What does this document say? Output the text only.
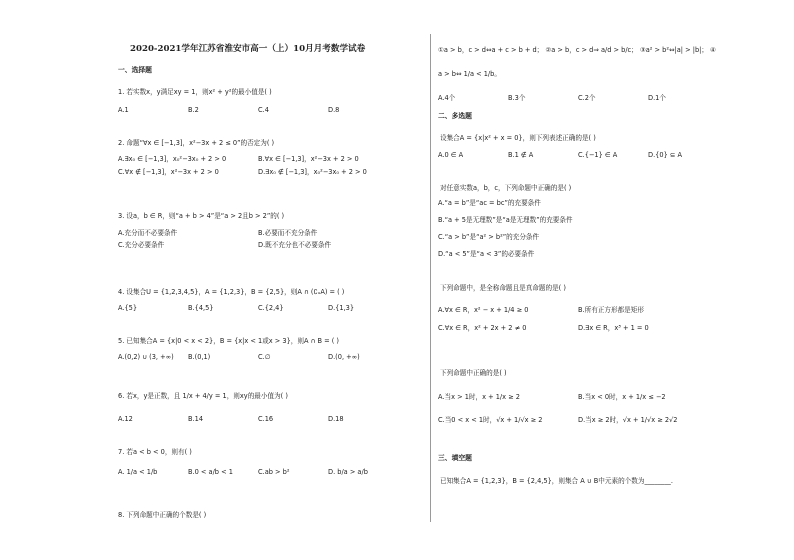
2020-2021学年江苏省淮安市高一（上）10月月考数学试卷
一、选择题
1. 若实数x，y满足xy = 1，则x² + y²的最小值是( )
A.1	B.2	C.4	D.8
2. 命题“∀x ∈ [−1,3]，x²−3x + 2 ≤ 0”的否定为( )
A.∃x₀ ∈ [−1,3]，x₀²−3x₀ + 2 > 0	B.∀x ∈ [−1,3]，x²−3x + 2 > 0
C.∀x ∉ [−1,3]，x²−3x + 2 > 0	D.∃x₀ ∉ [−1,3]，x₀²−3x₀ + 2 > 0
3. 设a，b ∈ R，则“a + b > 4”是“a > 2且b > 2”的( )
A.充分而不必要条件	B.必要而不充分条件
C.充分必要条件	D.既不充分也不必要条件
4. 设集合U = {1,2,3,4,5}，A = {1,2,3}，B = {2,5}，则A ∩ (∁ᵤA) = ( )
A.{5}	B.{4,5}	C.{2,4}	D.{1,3}
5. 已知集合A = {x|0 < x < 2}，B = {x|x < 1或x > 3}，则A ∩ B = ( )
A.(0,2) ∪ (3, +∞) B.(0,1)	C.∅	D.(0, +∞)
6. 若x，y是正数，且 1/x + 4/y = 1，则xy的最小值为( )
A.12	B.14	C.16	D.18
7. 若a < b < 0，则有( )
A. 1/a < 1/b	B.0 < a/b < 1	C.ab > b²	D. b/a > a/b
8. 下列命题中正确的个数是( )
①a > b，c > d⇔a + c > b + d； ②a > b，c > d⇒ a/d > b/c； ③a² > b²⇔|a| > |b|； ④
a > b⇔ 1/a < 1/b。
A.4个	B.3个	C.2个	D.1个
二、多选题
设集合A = {x|x² + x = 0}，则下列表述正确的是( )
A.0 ∈ A	B.1 ∉ A	C.{−1} ∈ A	D.{0} ⊆ A
对任意实数a，b，c，下列命题中正确的是( )
A.“a = b”是“ac = bc”的充要条件
B.“a + 5是无理数”是“a是无理数”的充要条件
C.“a > b”是“a² > b²”的充分条件
D.“a < 5”是“a < 3”的必要条件
下列命题中，是全称命题且是真命题的是( )
A.∀x ∈ R，x² − x + 1/4 ≥ 0	B.所有正方形都是矩形
C.∀x ∈ R，x² + 2x + 2 ≠ 0	D.∃x ∈ R，x³ + 1 = 0
下列命题中正确的是( )
A.当x > 1时，x + 1/x ≥ 2	B.当x < 0时，x + 1/x ≤ −2
C.当0 < x < 1时，√x + 1/√x ≥ 2	D.当x ≥ 2时，√x + 1/√x ≥ 2√2
三、填空题
已知集合A = {1,2,3}，B = {2,4,5}，则集合 A ∪ B中元素的个数为________.
